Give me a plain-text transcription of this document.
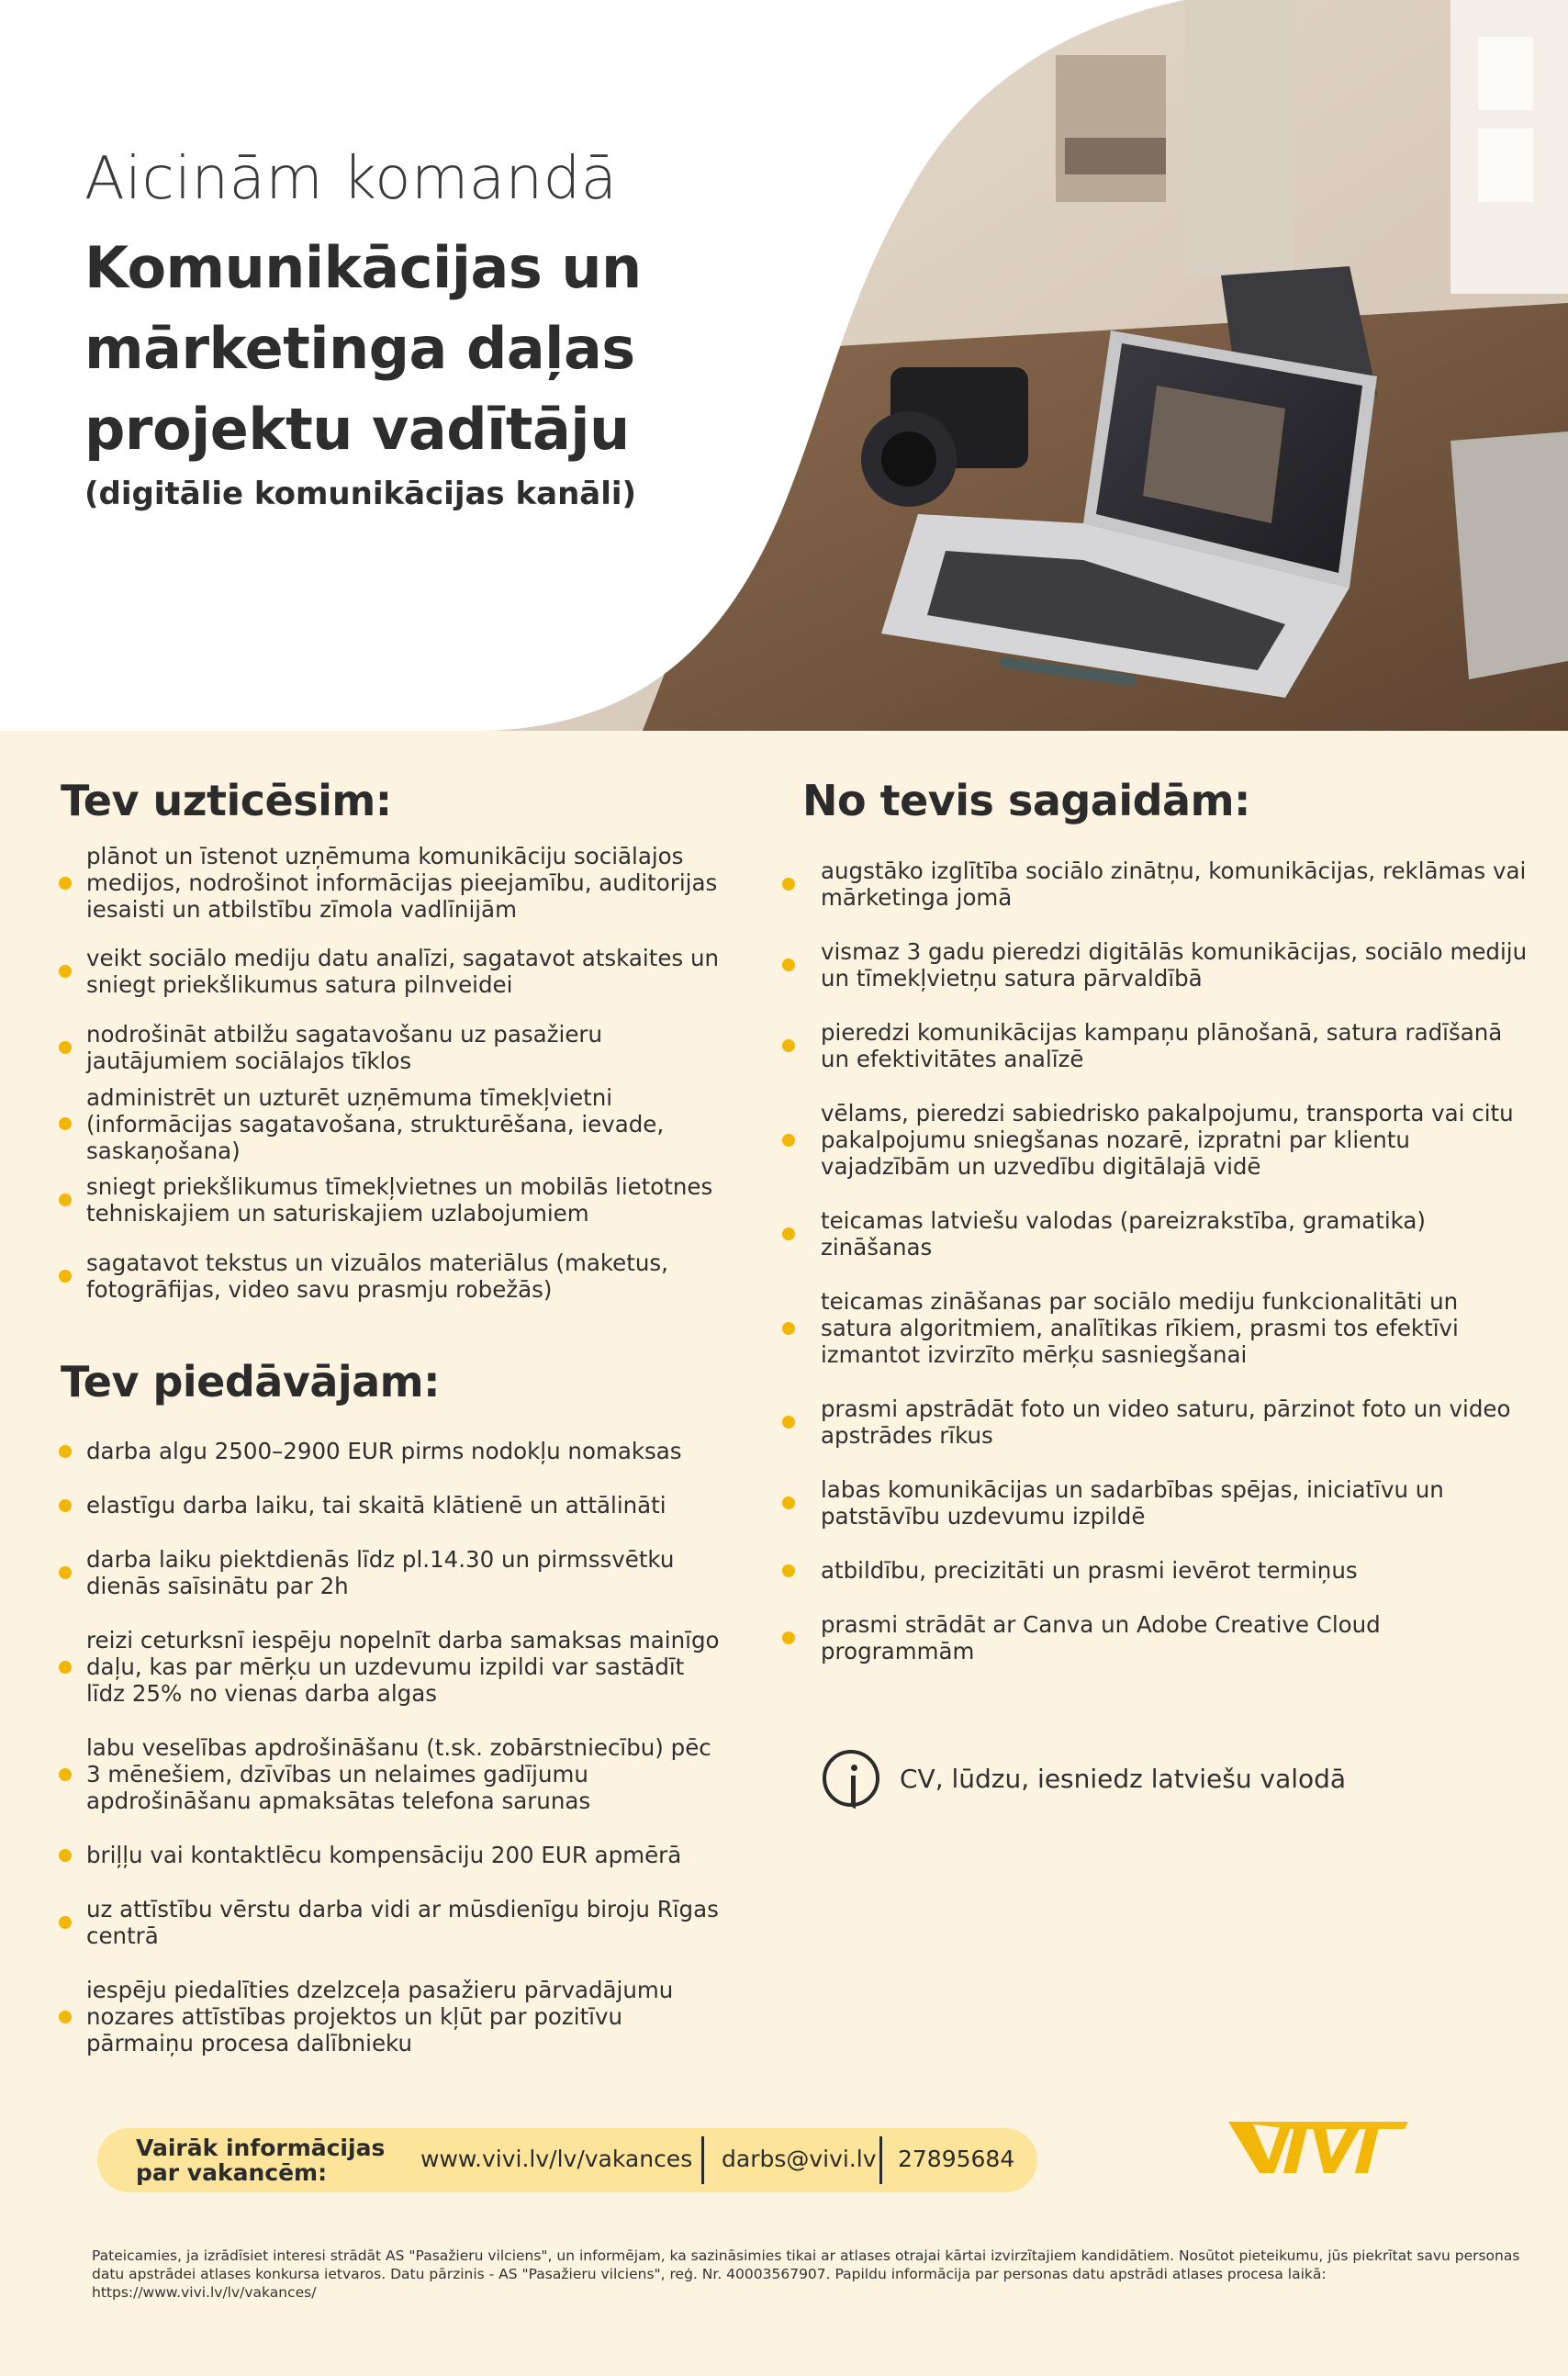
Aicinām komandā
Komunikācijas un mārketinga daļas projektu vadītāju
(digitālie komunikācijas kanāli)
Tev uzticēsim:
plānot un īstenot uzņēmuma komunikāciju sociālajos medijos, nodrošinot informācijas pieejamību, auditorijas iesaisti un atbilstību zīmola vadlīnijām
veikt sociālo mediju datu analīzi, sagatavot atskaites un sniegt priekšlikumus satura pilnveidei
nodrošināt atbilžu sagatavošanu uz pasažieru jautājumiem sociālajos tīklos
administrēt un uzturēt uzņēmuma tīmekļvietni (informācijas sagatavošana, strukturēšana, ievade, saskaņošana)
sniegt priekšlikumus tīmekļvietnes un mobilās lietotnes tehniskajiem un saturiskajiem uzlabojumiem
sagatavot tekstus un vizuālos materiālus (maketus, fotogrāfijas, video savu prasmju robežās)
Tev piedāvājam:
darba algu 2500–2900 EUR pirms nodokļu nomaksas
elastīgu darba laiku, tai skaitā klātienē un attālināti
darba laiku piektdienās līdz pl.14.30 un pirmssvētku dienās saīsinātu par 2h
reizi ceturksnī iespēju nopelnīt darba samaksas mainīgo daļu, kas par mērķu un uzdevumu izpildi var sastādīt līdz 25% no vienas darba algas
labu veselības apdrošināšanu (t.sk. zobārstniecību) pēc 3 mēnešiem, dzīvības un nelaimes gadījumu apdrošināšanu apmaksātas telefona sarunas
briļļu vai kontaktlēcu kompensāciju 200 EUR apmērā
uz attīstību vērstu darba vidi ar mūsdienīgu biroju Rīgas centrā
iespēju piedalīties dzelzceļa pasažieru pārvadājumu nozares attīstības projektos un kļūt par pozitīvu pārmaiņu procesa dalībnieku
No tevis sagaidām:
augstāko izglītība sociālo zinātņu, komunikācijas, reklāmas vai mārketinga jomā
vismaz 3 gadu pieredzi digitālās komunikācijas, sociālo mediju un tīmekļvietņu satura pārvaldībā
pieredzi komunikācijas kampaņu plānošanā, satura radīšanā un efektivitātes analīzē
vēlams, pieredzi sabiedrisko pakalpojumu, transporta vai citu pakalpojumu sniegšanas nozarē, izpratni par klientu vajadzībām un uzvedību digitālajā vidē
teicamas latviešu valodas (pareizrakstība, gramatika) zināšanas
teicamas zināšanas par sociālo mediju funkcionalitāti un satura algoritmiem, analītikas rīkiem, prasmi tos efektīvi izmantot izvirzīto mērķu sasniegšanai
prasmi apstrādāt foto un video saturu, pārzinot foto un video apstrādes rīkus
labas komunikācijas un sadarbības spējas, iniciatīvu un patstāvību uzdevumu izpildē
atbildību, precizitāti un prasmi ievērot termiņus
prasmi strādāt ar Canva un Adobe Creative Cloud programmām
CV, lūdzu, iesniedz latviešu valodā
Vairāk informācijas par vakancēm:
www.vivi.lv/lv/vakances darbs@vivi.lv 27895684
Pateicamies, ja izrādīsiet interesi strādāt AS "Pasažieru vilciens", un informējam, ka sazināsimies tikai ar atlases otrajai kārtai izvirzītajiem kandidātiem. Nosūtot pieteikumu, jūs piekrītat savu personas datu apstrādei atlases konkursa ietvaros. Datu pārzinis - AS "Pasažieru vilciens", reģ. Nr. 40003567907. Papildu informācija par personas datu apstrādi atlases procesa laikā: https://www.vivi.lv/lv/vakances/
